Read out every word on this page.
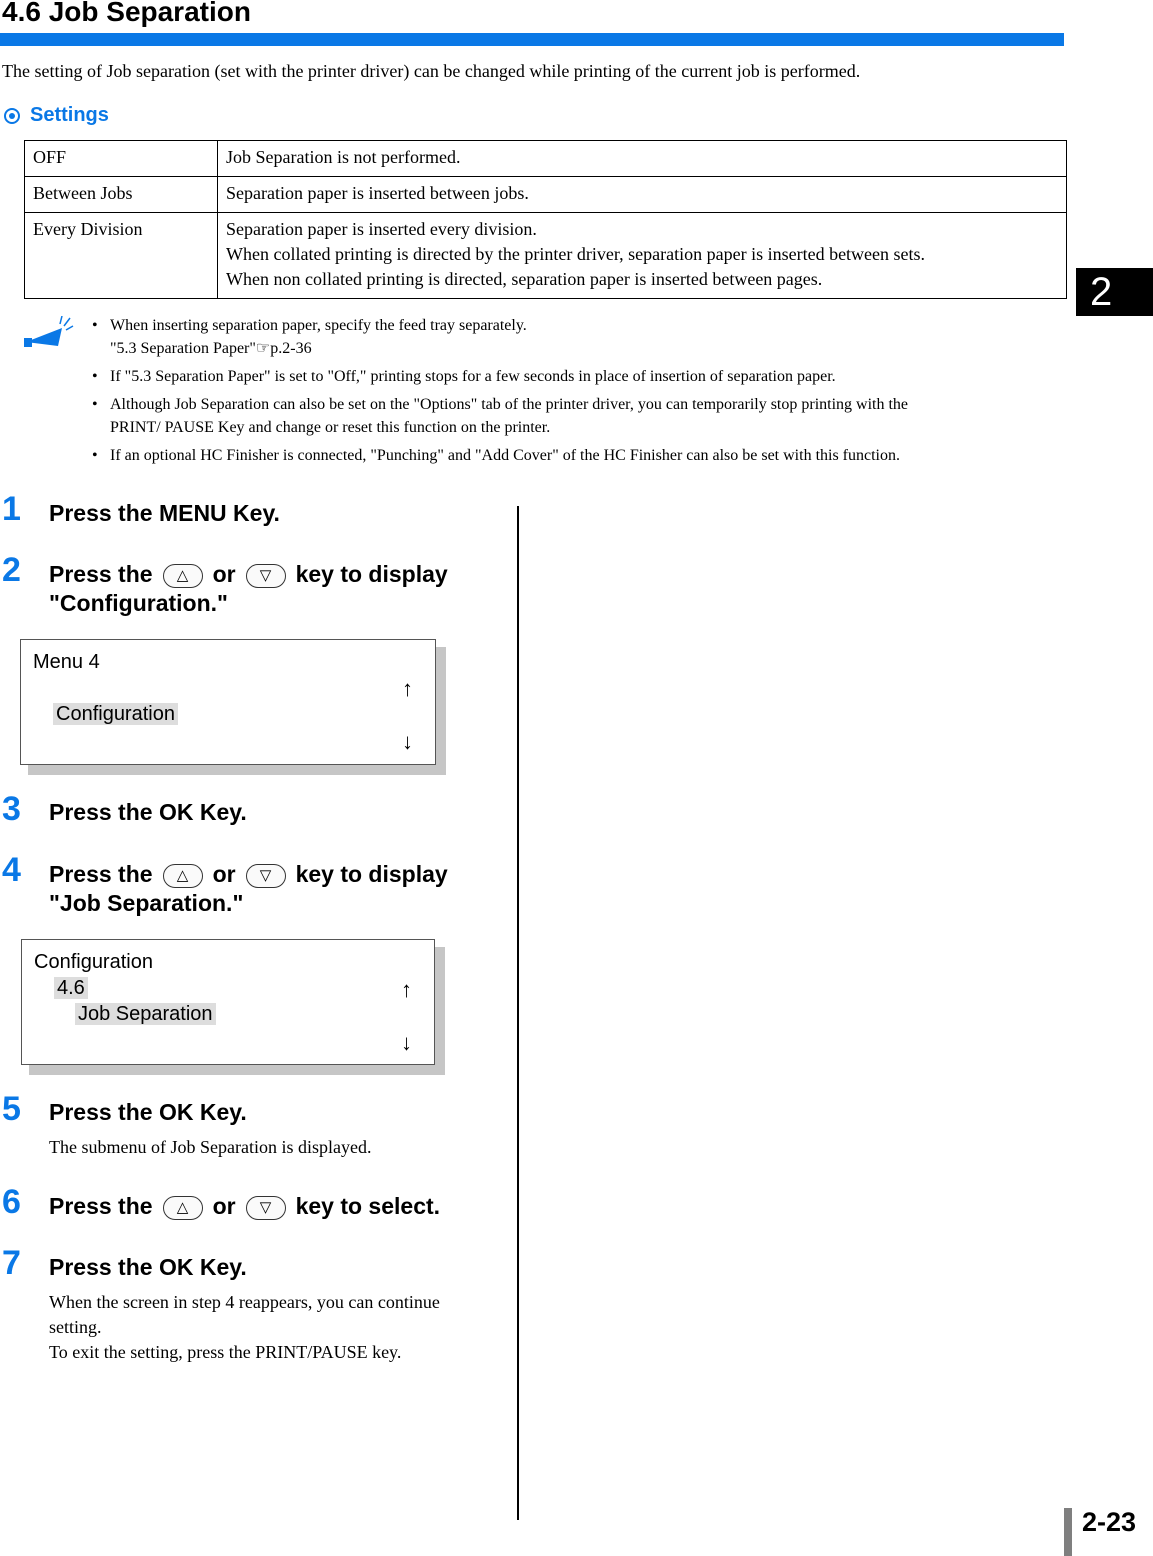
4.6 Job Separation
The setting of Job separation (set with the printer driver) can be changed while printing of the current job is performed.
Settings
OFF	Job Separation is not performed.

Between Jobs	Separation paper is inserted between jobs.

Every Division	Separation paper is inserted every division.
When collated printing is directed by the printer driver, separation paper is inserted between sets.
When non collated printing is directed, separation paper is inserted between pages.
• When inserting separation paper, specify the feed tray separately.
"5.3 Separation Paper"☞p.2-36
• If "5.3 Separation Paper" is set to "Off," printing stops for a few seconds in place of insertion of separation paper.
• Although Job Separation can also be set on the "Options" tab of the printer driver, you can temporarily stop printing with the
PRINT/ PAUSE Key and change or reset this function on the printer.
• If an optional HC Finisher is connected, "Punching" and "Add Cover" of the HC Finisher can also be set with this function.
1 Press the MENU Key.
2 Press the	△	or	▽	key to display
"Configuration."
Menu 4
↑
Configuration
↓
3 Press the OK Key.
4 Press the	△	or	▽	key to display
"Job Separation."
Configuration
4.6	↑
Job Separation
↓
5 Press the OK Key.
The submenu of Job Separation is displayed.
6 Press the	△	or	▽	key to select.
7 Press the OK Key.
When the screen in step 4 reappears, you can continue
setting.
To exit the setting, press the PRINT/PAUSE key.
2
2-23
